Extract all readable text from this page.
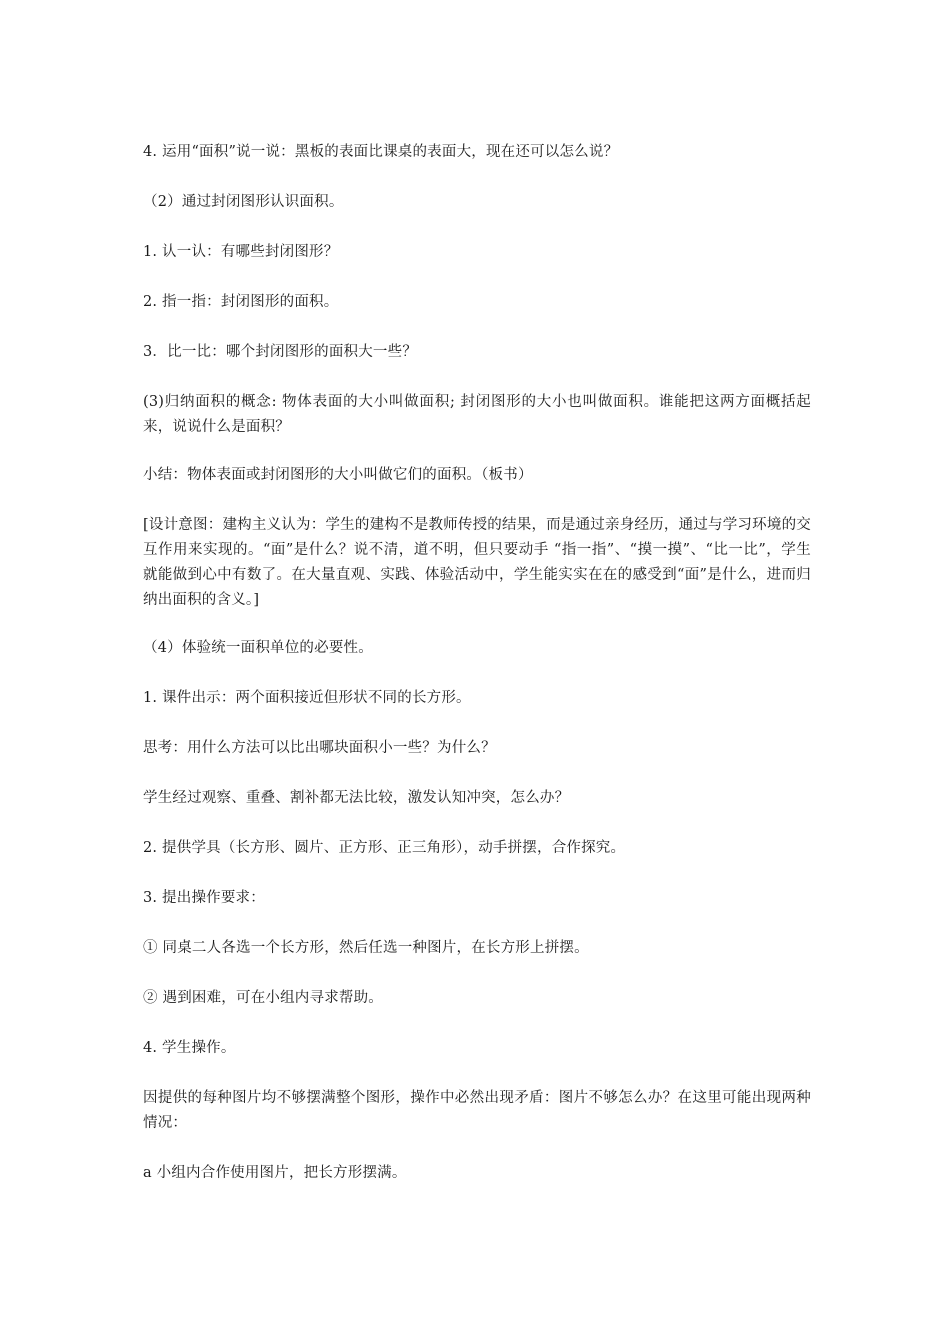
4. 运用“面积”说一说：黑板的表面比课桌的表面大，现在还可以怎么说？

（2）通过封闭图形认识面积。

1. 认一认：有哪些封闭图形？

2. 指一指：封闭图形的面积。

3．比一比：哪个封闭图形的面积大一些？

(3)归纳面积的概念: 物体表面的大小叫做面积; 封闭图形的大小也叫做面积。谁能把这两方面概括起来，说说什么是面积？

小结：物体表面或封闭图形的大小叫做它们的面积。（板书）

[设计意图：建构主义认为：学生的建构不是教师传授的结果，而是通过亲身经历，通过与学习环境的交互作用来实现的。“面”是什么？说不清，道不明，但只要动手 “指一指”、“摸一摸”、“比一比”，学生就能做到心中有数了。在大量直观、实践、体验活动中，学生能实实在在的感受到“面”是什么，进而归纳出面积的含义。]

（4）体验统一面积单位的必要性。

1. 课件出示：两个面积接近但形状不同的长方形。

思考：用什么方法可以比出哪块面积小一些？为什么？

学生经过观察、重叠、割补都无法比较，激发认知冲突，怎么办？

2. 提供学具（长方形、圆片、正方形、正三角形），动手拼摆，合作探究。

3. 提出操作要求：

① 同桌二人各选一个长方形，然后任选一种图片，在长方形上拼摆。

② 遇到困难，可在小组内寻求帮助。

4. 学生操作。

因提供的每种图片均不够摆满整个图形，操作中必然出现矛盾：图片不够怎么办？在这里可能出现两种情况：

a 小组内合作使用图片，把长方形摆满。
